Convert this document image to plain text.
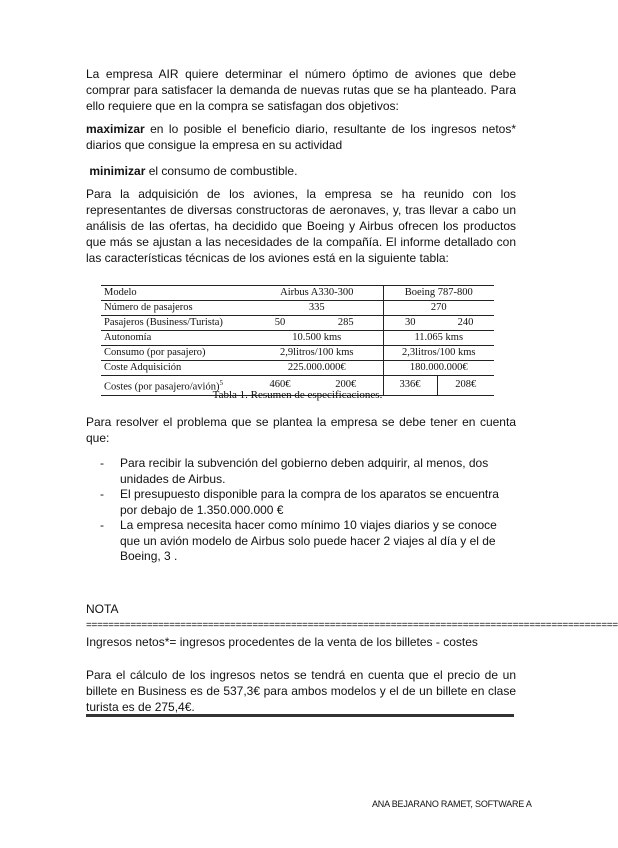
La empresa AIR quiere determinar el número óptimo de aviones que debe comprar para satisfacer la demanda de nuevas rutas que se ha planteado. Para ello requiere que en la compra se satisfagan dos objetivos:

maximizar en lo posible el beneficio diario, resultante de los ingresos netos* diarios que consigue la empresa en su actividad

minimizar el consumo de combustible.

Para la adquisición de los aviones, la empresa se ha reunido con los representantes de diversas constructoras de aeronaves, y, tras llevar a cabo un análisis de las ofertas, ha decidido que Boeing y Airbus ofrecen los productos que más se ajustan a las necesidades de la compañía. El informe detallado con las características técnicas de los aviones está en la siguiente tabla:

Modelo	Airbus A330-300		Boeing 787-800	
Número de pasajeros	335		270	
Pasajeros (Business/Turista)	50	285	30	240
Autonomía	10.500 kms		11.065 kms	
Consumo (por pasajero)	2,9litros/100 kms		2,3litros/100 kms	
Coste Adquisición	225.000.000€		180.000.000€	
Costes (por pasajero/avión)$^5$	460€	200€	336€	208€
Tabla 1. Resumen de especificaciones.

Para resolver el problema que se plantea la empresa se debe tener en cuenta que:

- Para recibir la subvención del gobierno deben adquirir, al menos, dos unidades de Airbus.
- El presupuesto disponible para la compra de los aparatos se encuentra por debajo de 1.350.000.000 €
- La empresa necesita hacer como mínimo 10 viajes diarios y se conoce que un avión modelo de Airbus solo puede hacer 2 viajes al día y el de Boeing, 3 .
NOTA
================================================================================================

Ingresos netos*= ingresos procedentes de la venta de los billetes - costes

Para el cálculo de los ingresos netos se tendrá en cuenta que el precio de un billete en Business es de 537,3€ para ambos modelos y el de un billete en clase turista es de 275,4€.

ANA BEJARANO RAMET, SOFTWARE A
